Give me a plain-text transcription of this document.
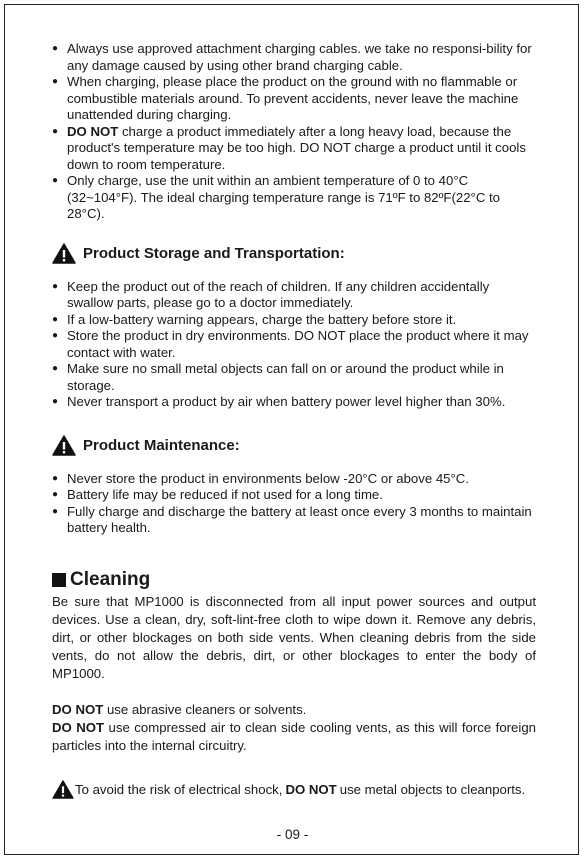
● Always use approved attachment charging cables. we take no responsi-bility for any damage caused by using other brand charging cable.
● When charging, please place the product on the ground with no flammable or combustible materials around. To prevent accidents, never leave the machine unattended during charging.
● DO NOT charge a product immediately after a long heavy load, because the product's temperature may be too high. DO NOT charge a product until it cools down to room temperature.
● Only charge, use the unit within an ambient temperature of 0 to 40°C (32~104°F). The ideal charging temperature range is 71ºF to 82ºF(22°C to 28°C).
Product Storage and Transportation:
● Keep the product out of the reach of children. If any children accidentally swallow parts, please go to a doctor immediately.
● If a low-battery warning appears, charge the battery before store it.
● Store the product in dry environments. DO NOT place the product where it may contact with water.
● Make sure no small metal objects can fall on or around the product while in storage.
● Never transport a product by air when battery power level higher than 30%.
Product Maintenance:
● Never store the product in environments below -20°C or above 45°C.
● Battery life may be reduced if not used for a long time.
● Fully charge and discharge the battery at least once every 3 months to maintain battery health.
Cleaning

Be sure that MP1000 is disconnected from all input power sources and output devices. Use a clean, dry, soft-lint-free cloth to wipe down it. Remove any debris, dirt, or other blockages on both side vents. When cleaning debris from the side vents, do not allow the debris, dirt, or other blockages to enter the body of MP1000.

DO NOT use abrasive cleaners or solvents.

DO NOT use compressed air to clean side cooling vents, as this will force foreign particles into the internal circuitry.

To avoid the risk of electrical shock, DO NOT use metal objects to cleanports.
- 09 -
